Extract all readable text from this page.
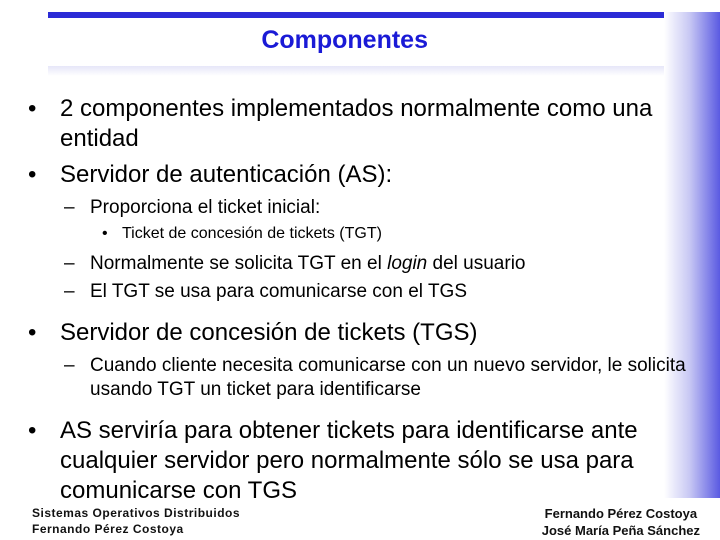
Componentes
• 2 componentes implementados normalmente como una entidad
• Servidor de autenticación (AS):
– Proporciona el ticket inicial:
• Ticket de concesión de tickets (TGT)
– Normalmente se solicita TGT en el login del usuario
– El TGT se usa para comunicarse con el TGS
• Servidor de concesión de tickets (TGS)
– Cuando cliente necesita comunicarse con un nuevo servidor, le solicita usando TGT un ticket para identificarse
• AS serviría para obtener tickets para identificarse ante cualquier servidor pero normalmente sólo se usa para comunicarse con TGS
Sistemas Operativos Distribuidos
Fernando Pérez Costoya
Fernando Pérez Costoya
José María Peña Sánchez
